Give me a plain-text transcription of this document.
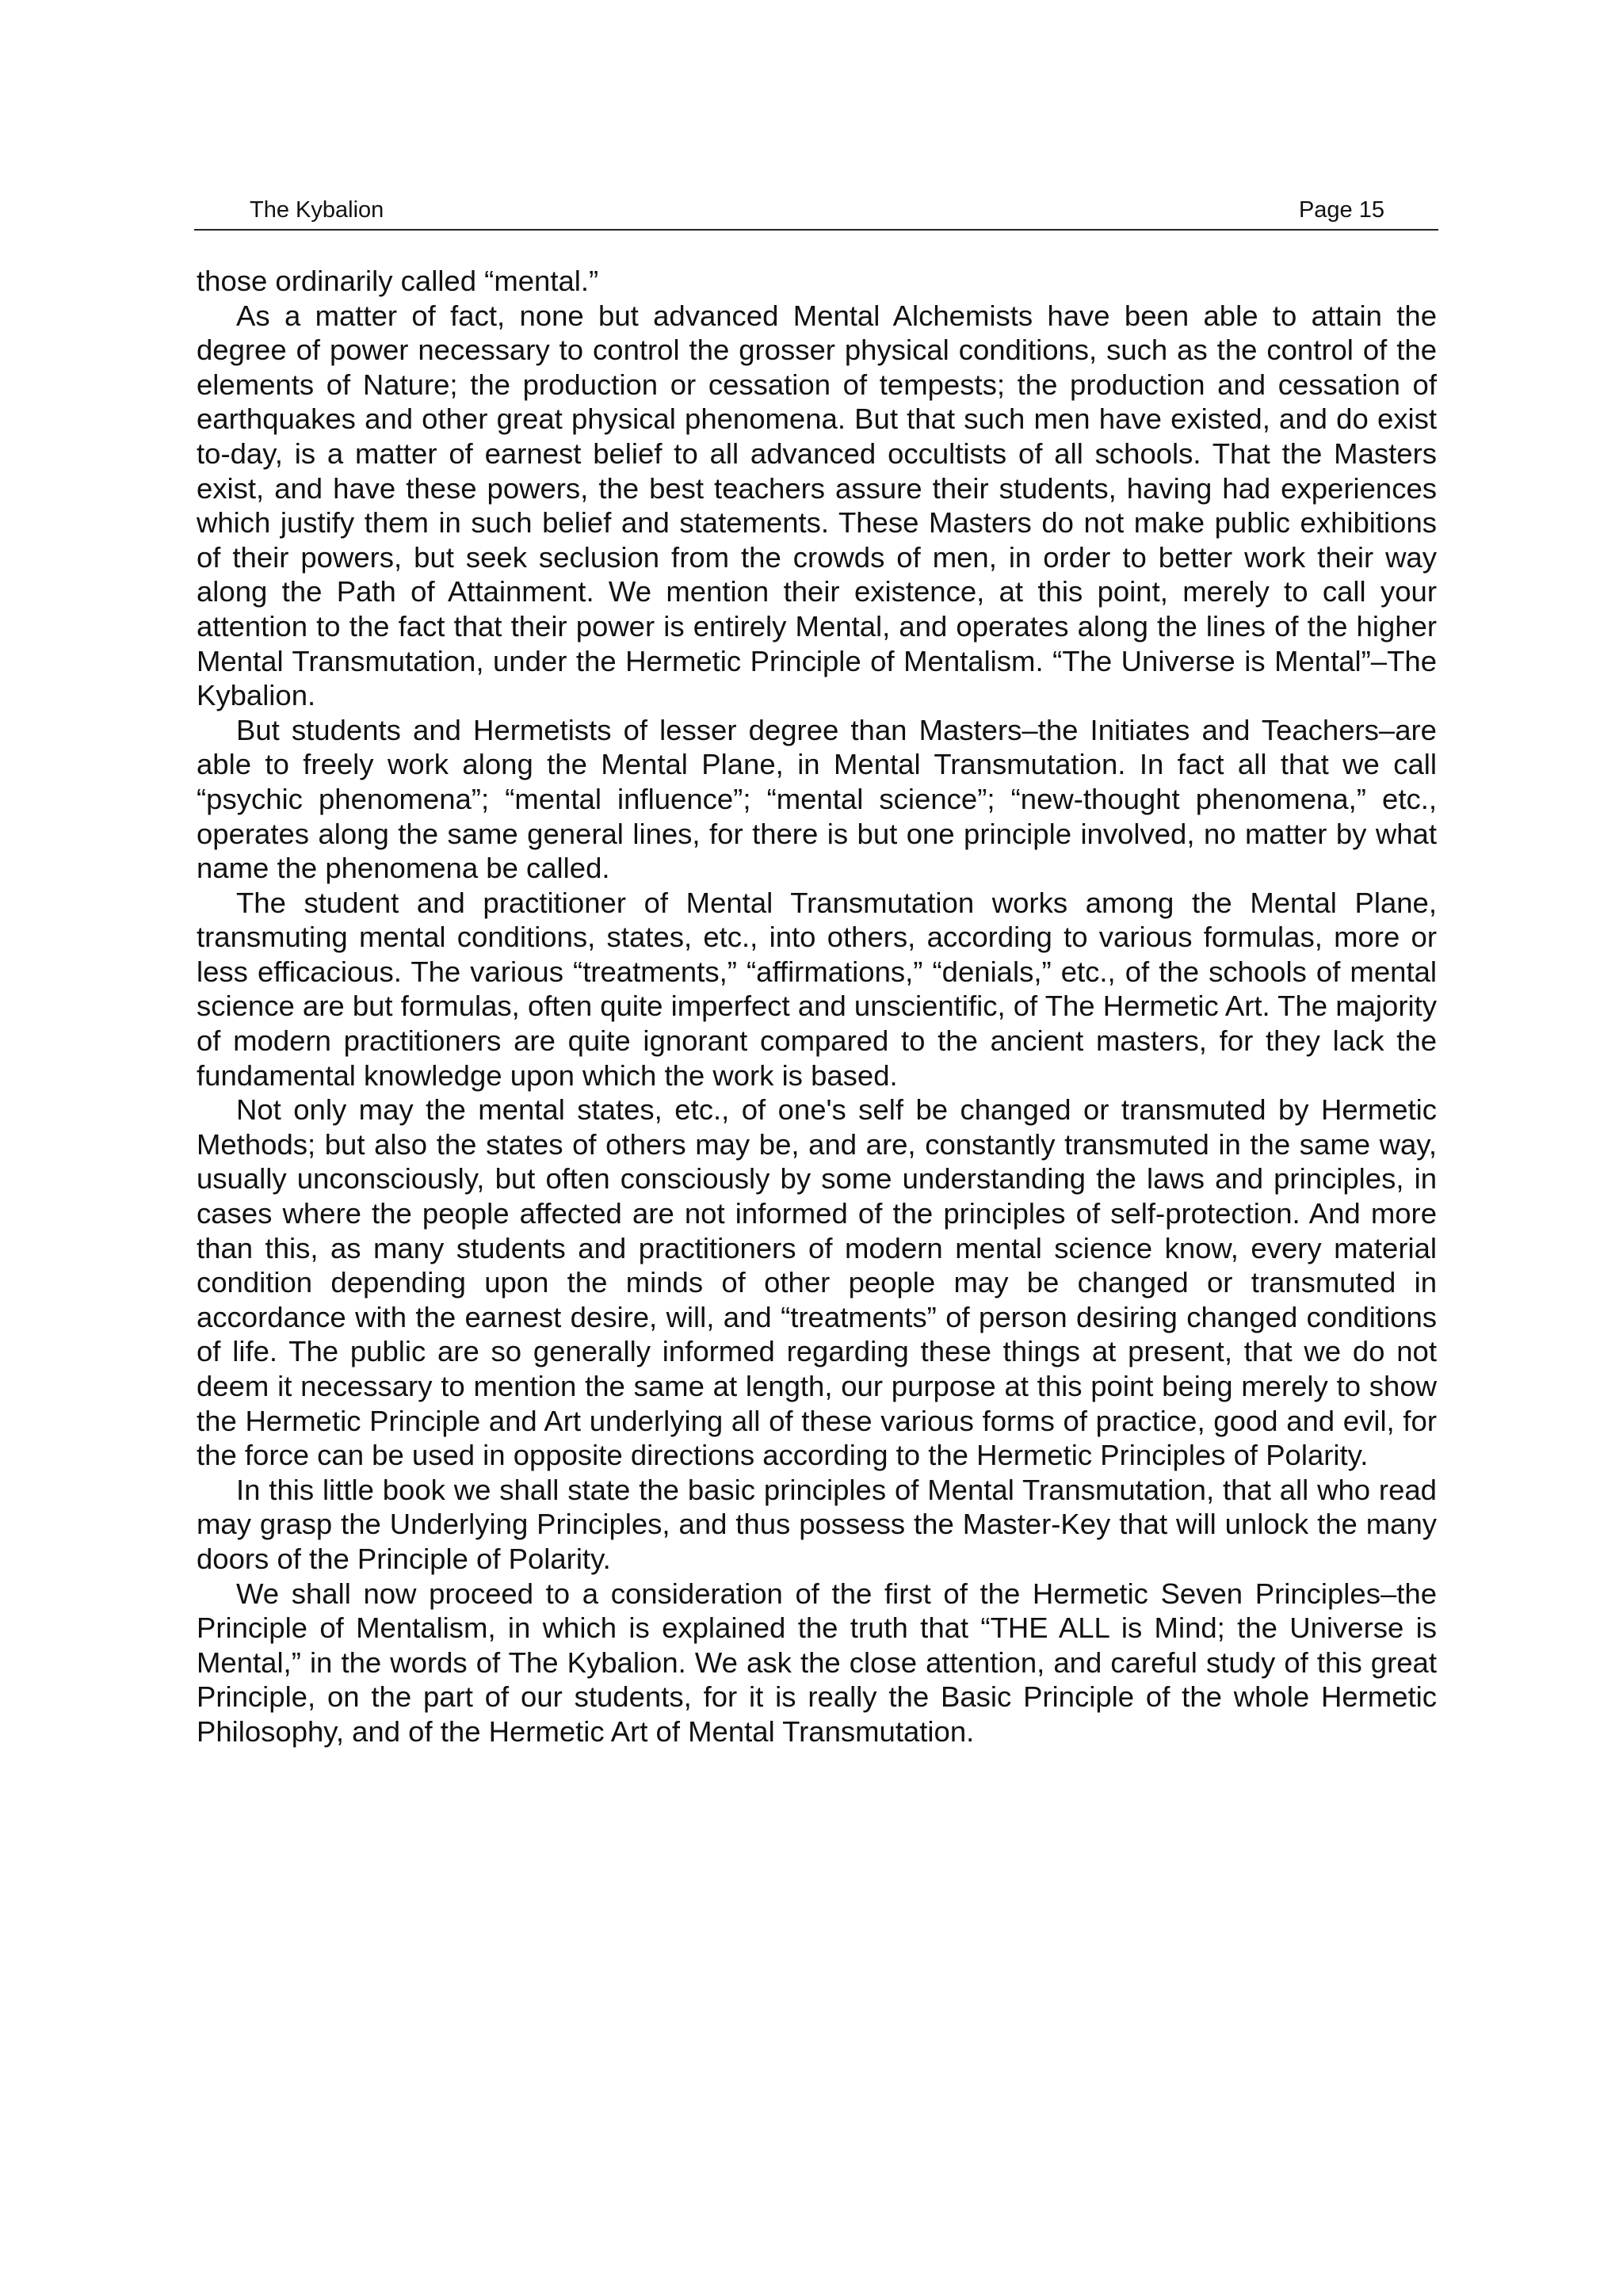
The Kybalion	Page 15

those ordinarily called “mental.”

As a matter of fact, none but advanced Mental Alchemists have been able to attain the degree of power necessary to control the grosser physical conditions, such as the control of the elements of Nature; the production or cessation of tempests; the production and cessation of earthquakes and other great physical phenomena. But that such men have existed, and do exist to-day, is a matter of earnest belief to all advanced occultists of all schools. That the Masters exist, and have these powers, the best teachers assure their students, having had experiences which justify them in such belief and statements. These Masters do not make public exhibitions of their powers, but seek seclusion from the crowds of men, in order to better work their way along the Path of Attainment. We mention their existence, at this point, merely to call your attention to the fact that their power is entirely Mental, and operates along the lines of the higher Mental Transmutation, under the Hermetic Principle of Mentalism. “The Universe is Mental”–The Kybalion.

But students and Hermetists of lesser degree than Masters–the Initiates and Teachers–are able to freely work along the Mental Plane, in Mental Transmutation. In fact all that we call “psychic phenomena”; “mental influence”; “mental science”; “new-thought phenomena,” etc., operates along the same general lines, for there is but one principle involved, no matter by what name the phenomena be called.

The student and practitioner of Mental Transmutation works among the Mental Plane, transmuting mental conditions, states, etc., into others, according to various formulas, more or less efficacious. The various “treatments,” “affirmations,” “denials,” etc., of the schools of mental science are but formulas, often quite imperfect and unscientific, of The Hermetic Art. The majority of modern practitioners are quite ignorant compared to the ancient masters, for they lack the fundamental knowledge upon which the work is based.

Not only may the mental states, etc., of one's self be changed or transmuted by Hermetic Methods; but also the states of others may be, and are, constantly transmuted in the same way, usually unconsciously, but often consciously by some understanding the laws and principles, in cases where the people affected are not informed of the principles of self-protection. And more than this, as many students and practitioners of modern mental science know, every material condition depending upon the minds of other people may be changed or transmuted in accordance with the earnest desire, will, and “treatments” of person desiring changed conditions of life. The public are so generally informed regarding these things at present, that we do not deem it necessary to mention the same at length, our purpose at this point being merely to show the Hermetic Principle and Art underlying all of these various forms of practice, good and evil, for the force can be used in opposite directions according to the Hermetic Principles of Polarity.

In this little book we shall state the basic principles of Mental Transmutation, that all who read may grasp the Underlying Principles, and thus possess the Master-Key that will unlock the many doors of the Principle of Polarity.

We shall now proceed to a consideration of the first of the Hermetic Seven Principles–the Principle of Mentalism, in which is explained the truth that “THE ALL is Mind; the Universe is Mental,” in the words of The Kybalion. We ask the close attention, and careful study of this great Principle, on the part of our students, for it is really the Basic Principle of the whole Hermetic Philosophy, and of the Hermetic Art of Mental Transmutation.
